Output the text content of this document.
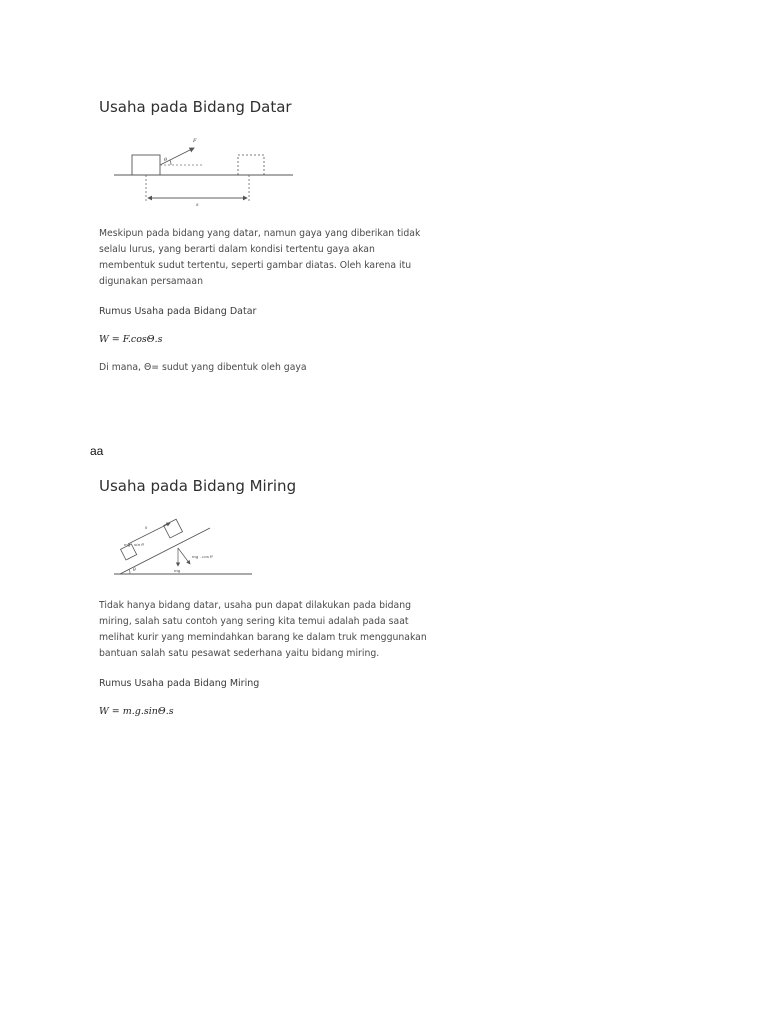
Usaha pada Bidang Datar
θ
F
s

Meskipun pada bidang yang datar, namun gaya yang diberikan tidak

selalu lurus, yang berarti dalam kondisi tertentu gaya akan

membentuk sudut tertentu, seperti gambar diatas. Oleh karena itu

digunakan persamaan

Rumus Usaha pada Bidang Datar
W = F.cosΘ.s
Di mana, Θ= sudut yang dibentuk oleh gaya
aa
Usaha pada Bidang Miring
s
mg . sin θ
mg
mg . cos θ
θ

Tidak hanya bidang datar, usaha pun dapat dilakukan pada bidang

miring, salah satu contoh yang sering kita temui adalah pada saat

melihat kurir yang memindahkan barang ke dalam truk menggunakan

bantuan salah satu pesawat sederhana yaitu bidang miring.

Rumus Usaha pada Bidang Miring
W = m.g.sinΘ.s
